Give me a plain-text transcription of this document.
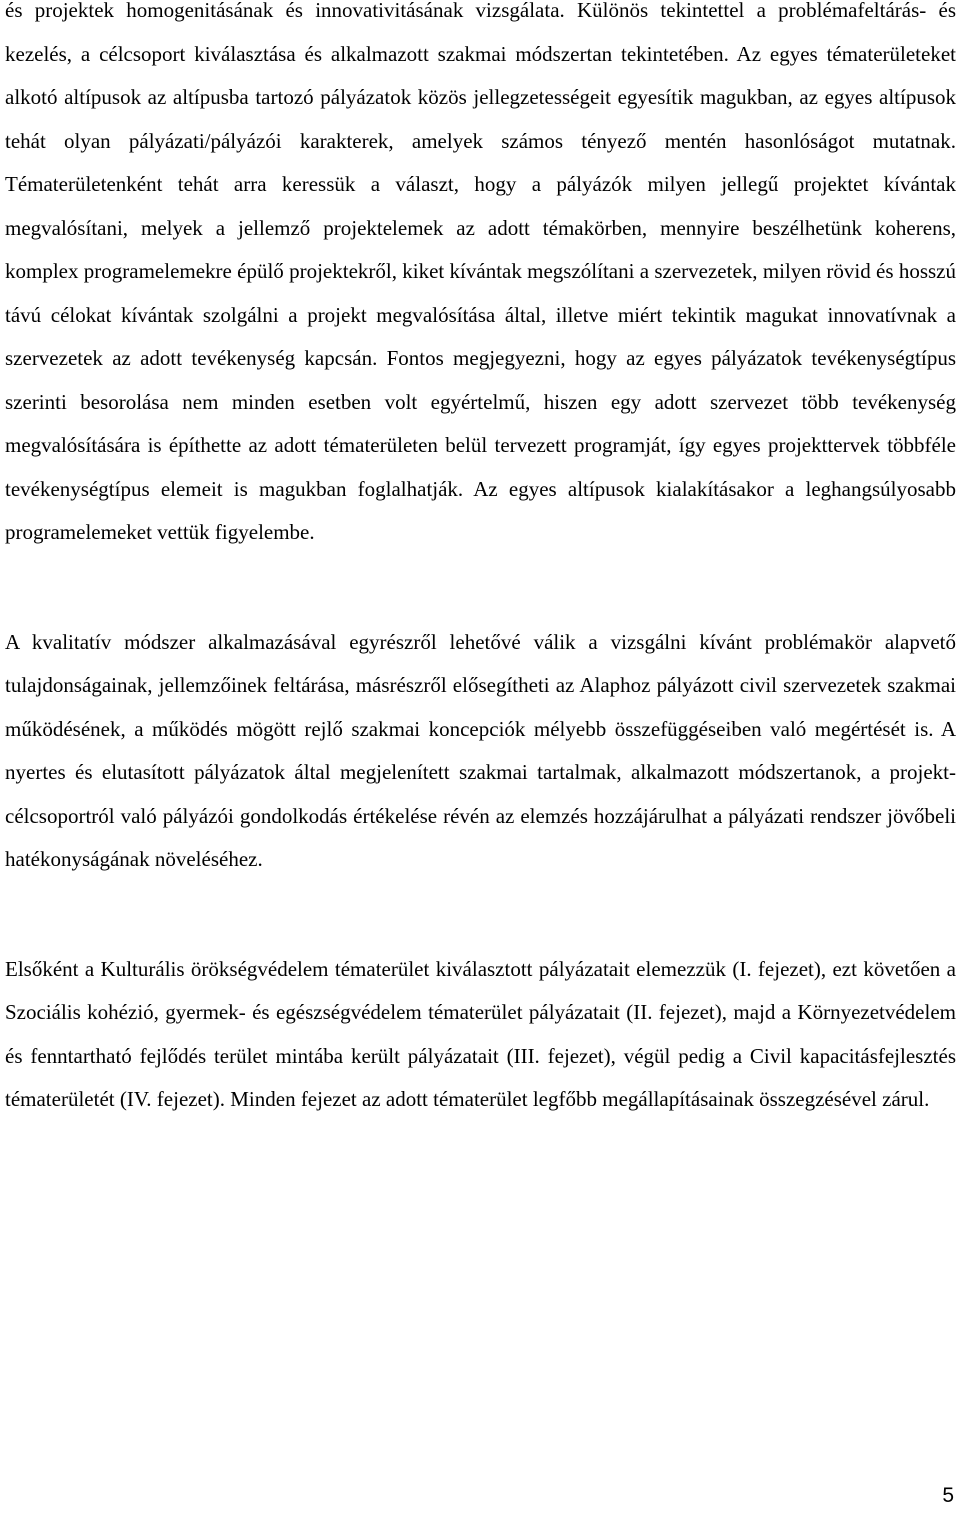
és projektek homogenitásának és innovativitásának vizsgálata. Különös tekintettel a problémafeltárás- és kezelés, a célcsoport kiválasztása és alkalmazott szakmai módszertan tekintetében. Az egyes tématerületeket alkotó altípusok az altípusba tartozó pályázatok közös jellegzetességeit egyesítik magukban, az egyes altípusok tehát olyan pályázati/pályázói karakterek, amelyek számos tényező mentén hasonlóságot mutatnak. Tématerületenként tehát arra keressük a választ, hogy a pályázók milyen jellegű projektet kívántak megvalósítani, melyek a jellemző projektelemek az adott témakörben, mennyire beszélhetünk koherens, komplex programelemekre épülő projektekről, kiket kívántak megszólítani a szervezetek, milyen rövid és hosszú távú célokat kívántak szolgálni a projekt megvalósítása által, illetve miért tekintik magukat innovatívnak a szervezetek az adott tevékenység kapcsán. Fontos megjegyezni, hogy az egyes pályázatok tevékenységtípus szerinti besorolása nem minden esetben volt egyértelmű, hiszen egy adott szervezet több tevékenység megvalósítására is építhette az adott tématerületen belül tervezett programját, így egyes projekttervek többféle tevékenységtípus elemeit is magukban foglalhatják. Az egyes altípusok kialakításakor a leghangsúlyosabb programelemeket vettük figyelembe.

A kvalitatív módszer alkalmazásával egyrészről lehetővé válik a vizsgálni kívánt problémakör alapvető tulajdonságainak, jellemzőinek feltárása, másrészről elősegítheti az Alaphoz pályázott civil szervezetek szakmai működésének, a működés mögött rejlő szakmai koncepciók mélyebb összefüggéseiben való megértését is. A nyertes és elutasított pályázatok által megjelenített szakmai tartalmak, alkalmazott módszertanok, a projekt-célcsoportról való pályázói gondolkodás értékelése révén az elemzés hozzájárulhat a pályázati rendszer jövőbeli hatékonyságának növeléséhez.

Elsőként a Kulturális örökségvédelem tématerület kiválasztott pályázatait elemezzük (I. fejezet), ezt követően a Szociális kohézió, gyermek- és egészségvédelem tématerület pályázatait (II. fejezet), majd a Környezetvédelem és fenntartható fejlődés terület mintába került pályázatait (III. fejezet), végül pedig a Civil kapacitásfejlesztés tématerületét (IV. fejezet). Minden fejezet az adott tématerület legfőbb megállapításainak összegzésével zárul.

5
